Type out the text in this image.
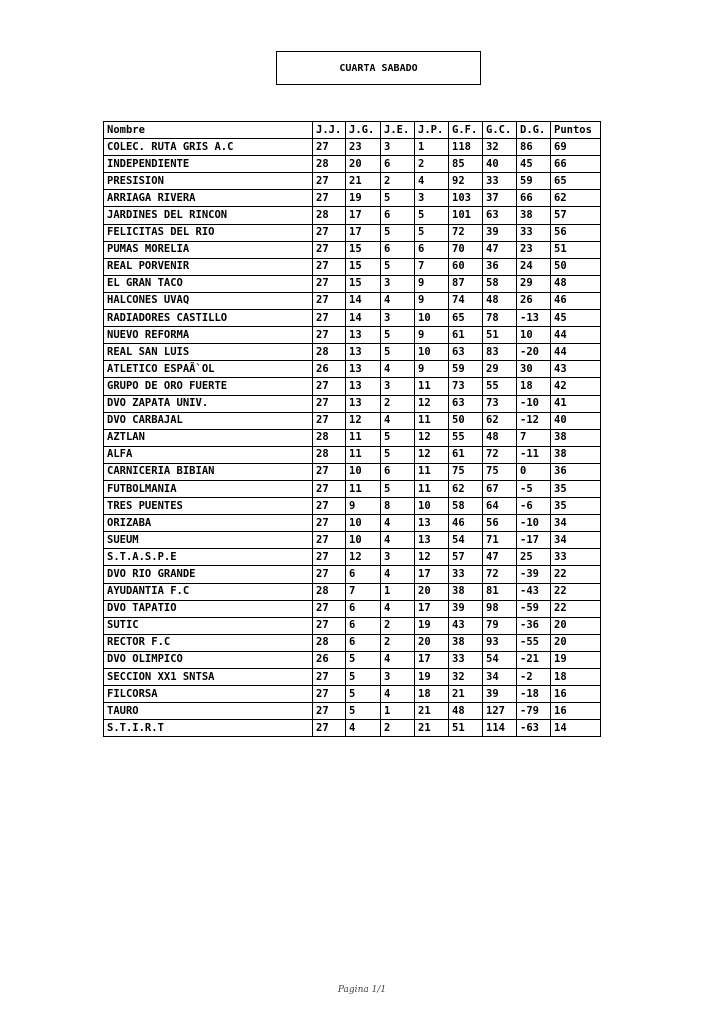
CUARTA SABADO
Nombre	J.J.	J.G.	J.E.	J.P.	G.F.	G.C.	D.G.	Puntos
COLEC. RUTA GRIS A.C	27	23	3	1	118	32	86	69
INDEPENDIENTE	28	20	6	2	85	40	45	66
PRESISION	27	21	2	4	92	33	59	65
ARRIAGA RIVERA	27	19	5	3	103	37	66	62
JARDINES DEL RINCON	28	17	6	5	101	63	38	57
FELICITAS DEL RIO	27	17	5	5	72	39	33	56
PUMAS MORELIA	27	15	6	6	70	47	23	51
REAL PORVENIR	27	15	5	7	60	36	24	50
EL GRAN TACO	27	15	3	9	87	58	29	48
HALCONES UVAQ	27	14	4	9	74	48	26	46
RADIADORES CASTILLO	27	14	3	10	65	78	-13	45
NUEVO REFORMA	27	13	5	9	61	51	10	44
REAL SAN LUIS	28	13	5	10	63	83	-20	44
ATLETICO ESPAÃ`OL	26	13	4	9	59	29	30	43
GRUPO DE ORO FUERTE	27	13	3	11	73	55	18	42
DVO ZAPATA UNIV.	27	13	2	12	63	73	-10	41
DVO CARBAJAL	27	12	4	11	50	62	-12	40
AZTLAN	28	11	5	12	55	48	7	38
ALFA	28	11	5	12	61	72	-11	38
CARNICERIA BIBIAN	27	10	6	11	75	75	0	36
FUTBOLMANIA	27	11	5	11	62	67	-5	35
TRES PUENTES	27	9	8	10	58	64	-6	35
ORIZABA	27	10	4	13	46	56	-10	34
SUEUM	27	10	4	13	54	71	-17	34
S.T.A.S.P.E	27	12	3	12	57	47	25	33
DVO RIO GRANDE	27	6	4	17	33	72	-39	22
AYUDANTIA F.C	28	7	1	20	38	81	-43	22
DVO TAPATIO	27	6	4	17	39	98	-59	22
SUTIC	27	6	2	19	43	79	-36	20
RECTOR F.C	28	6	2	20	38	93	-55	20
DVO OLIMPICO	26	5	4	17	33	54	-21	19
SECCION XX1 SNTSA	27	5	3	19	32	34	-2	18
FILCORSA	27	5	4	18	21	39	-18	16
TAURO	27	5	1	21	48	127	-79	16
S.T.I.R.T	27	4	2	21	51	114	-63	14
Pagina 1/1
